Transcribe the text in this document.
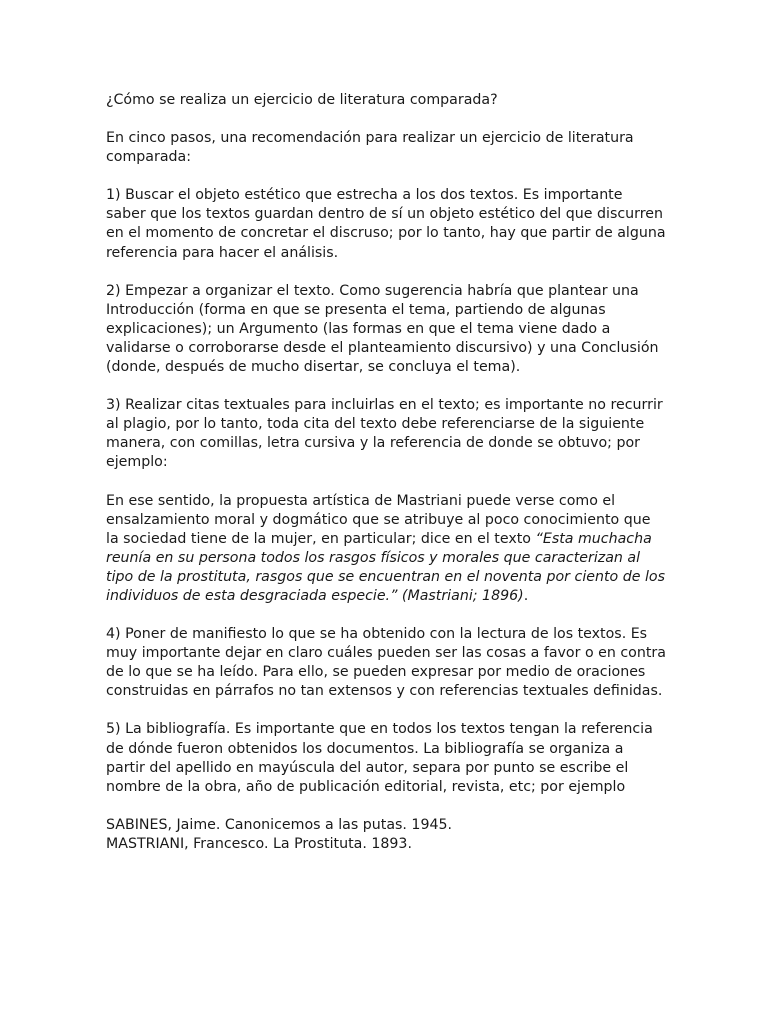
¿Cómo se realiza un ejercicio de literatura comparada?

En cinco pasos, una recomendación para realizar un ejercicio de literatura comparada:

1) Buscar el objeto estético que estrecha a los dos textos. Es importante saber que los textos guardan dentro de sí un objeto estético del que discurren en el momento de concretar el discruso; por lo tanto, hay que partir de alguna referencia para hacer el análisis.

2) Empezar a organizar el texto. Como sugerencia habría que plantear una Introducción (forma en que se presenta el tema, partiendo de algunas explicaciones); un Argumento (las formas en que el tema viene dado a validarse o corroborarse desde el planteamiento discursivo) y una Conclusión (donde, después de mucho disertar, se concluya el tema).

3) Realizar citas textuales para incluirlas en el texto; es importante no recurrir al plagio, por lo tanto, toda cita del texto debe referenciarse de la siguiente manera, con comillas, letra cursiva y la referencia de donde se obtuvo; por ejemplo:

En ese sentido, la propuesta artística de Mastriani puede verse como el ensalzamiento moral y dogmático que se atribuye al poco conocimiento que la sociedad tiene de la mujer, en particular; dice en el texto “Esta muchacha reunía en su persona todos los rasgos físicos y morales que caracterizan al tipo de la prostituta, rasgos que se encuentran en el noventa por ciento de los individuos de esta desgraciada especie.” (Mastriani; 1896).

4) Poner de manifiesto lo que se ha obtenido con la lectura de los textos. Es muy importante dejar en claro cuáles pueden ser las cosas a favor o en contra de lo que se ha leído. Para ello, se pueden expresar por medio de oraciones construidas en párrafos no tan extensos y con referencias textuales definidas.

5) La bibliografía. Es importante que en todos los textos tengan la referencia de dónde fueron obtenidos los documentos. La bibliografía se organiza a partir del apellido en mayúscula del autor, separa por punto se escribe el nombre de la obra, año de publicación editorial, revista, etc; por ejemplo

SABINES, Jaime. Canonicemos a las putas. 1945.

MASTRIANI, Francesco. La Prostituta. 1893.
